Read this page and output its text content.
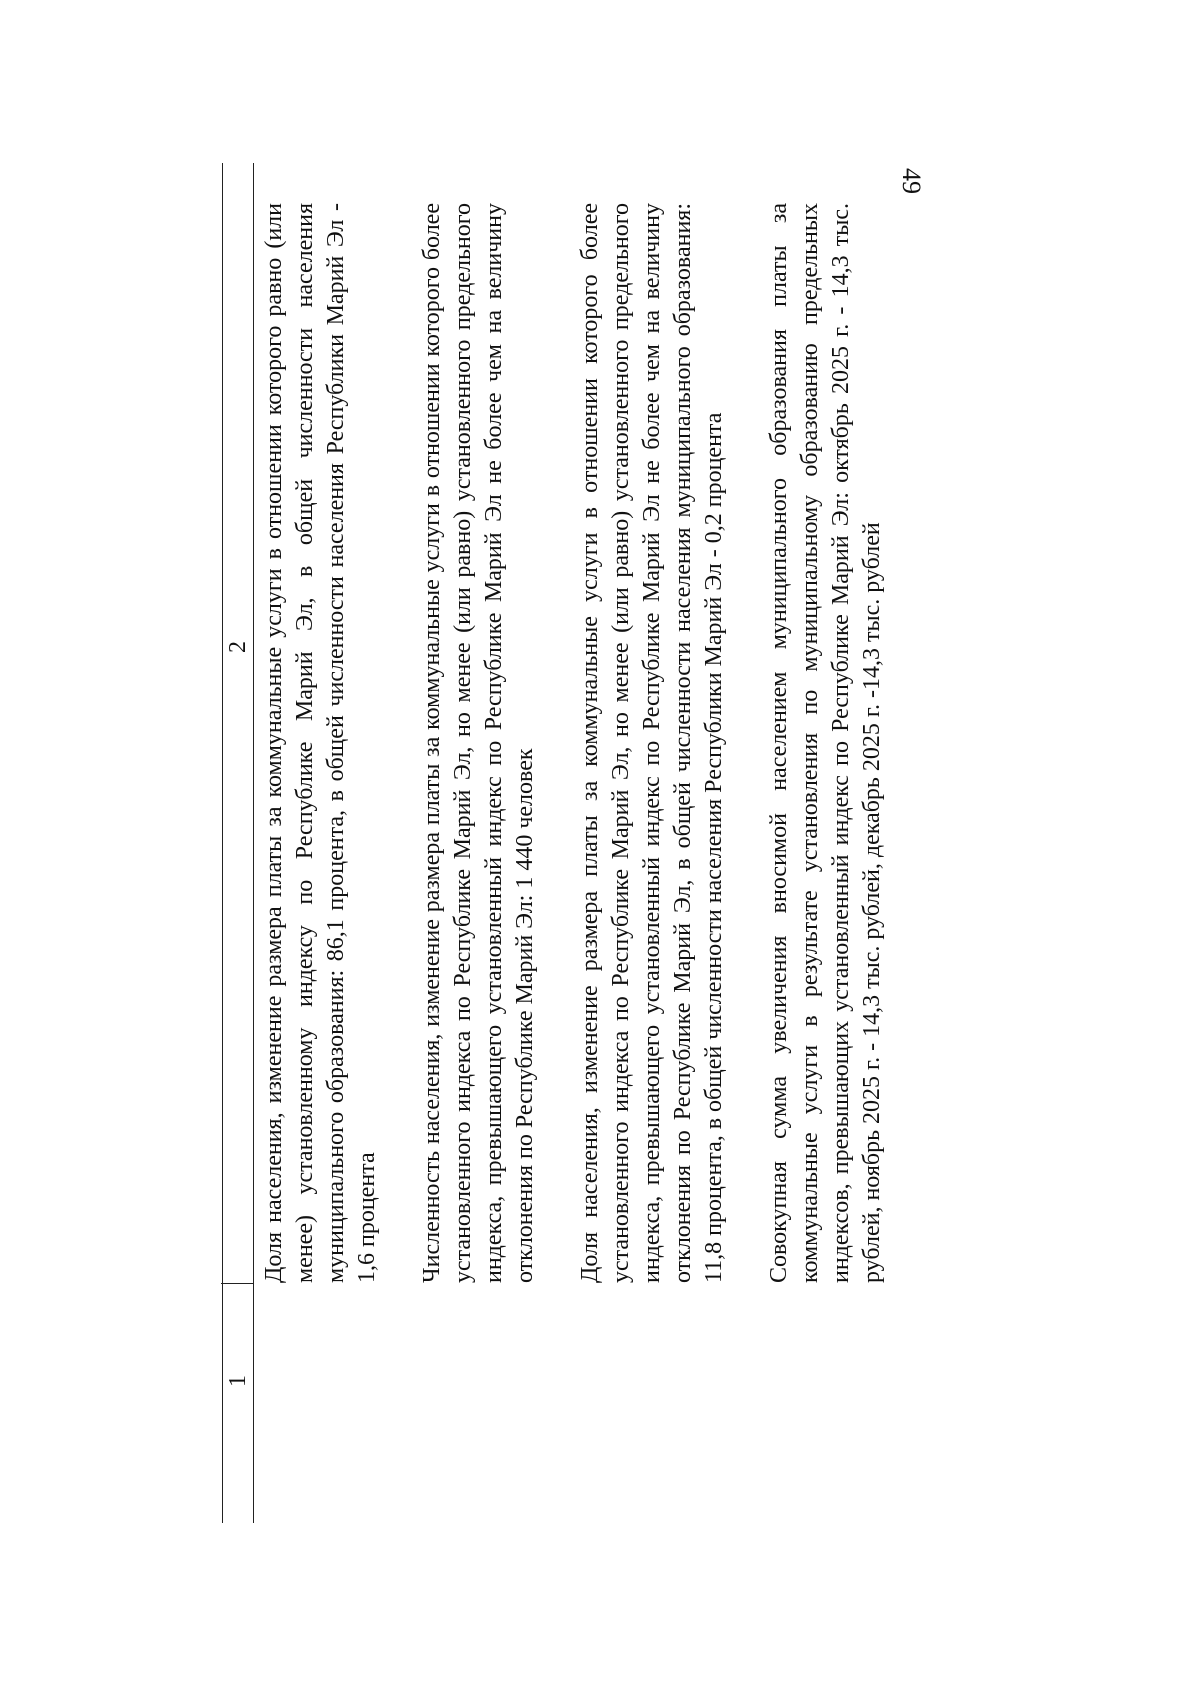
49
1
2 Доля населения, изменение размера платы за коммунальные услуги в отношении которого равно (или менее) установленному индексу по Республике Марий Эл, в общей численности населения муниципального образования: 86,1 процента, в общей численности населения Республики Марий Эл - 1,6 процента Численность населения, изменение размера платы за коммунальные услуги в отношении которого более установленного индекса по Республике Марий Эл, но менее (или равно) установленного предельного индекса, превышающего установленный индекс по Республике Марий Эл не более чем на величину отклонения по Республике Марий Эл: 1 440 человек Доля населения, изменение размера платы за коммунальные услуги в отношении которого более установленного индекса по Республике Марий Эл, но менее (или равно) установленного предельного индекса, превышающего установленный индекс по Республике Марий Эл не более чем на величину отклонения по Республике Марий Эл, в общей численности населения муниципального образования: 11,8 процента, в общей численности населения Республики Марий Эл - 0,2 процента Совокупная сумма увеличения вносимой населением муниципального образования платы за коммунальные услуги в результате установления по муниципальному образованию предельных индексов, превышающих установленный индекс по Республике Марий Эл: октябрь 2025 г. - 14,3 тыс. рублей, ноябрь 2025 г. - 14,3 тыс. рублей, декабрь 2025 г. -14,3 тыс. рублей
